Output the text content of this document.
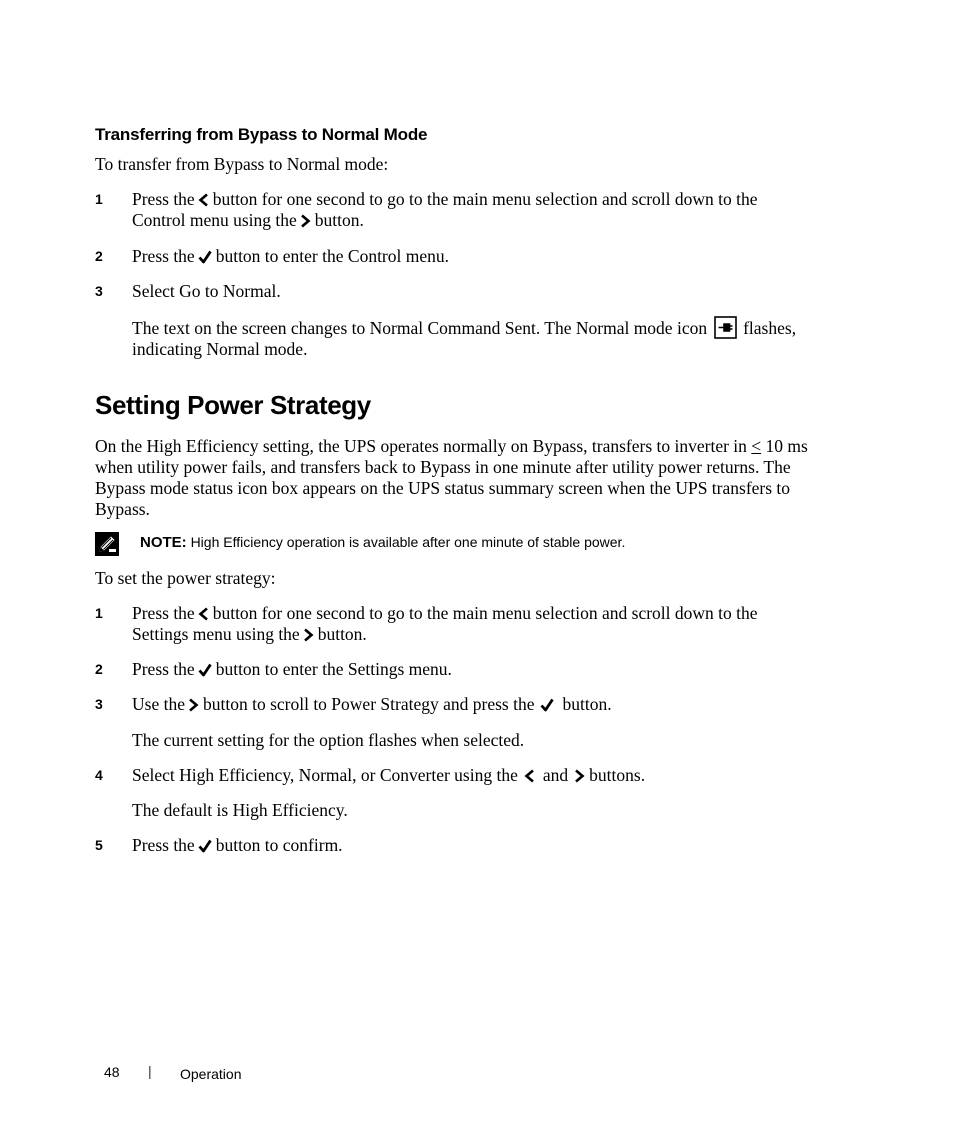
Transferring from Bypass to Normal Mode
To transfer from Bypass to Normal mode:
1 Press the button for one second to go to the main menu selection and scroll down to the
Control menu using the button.
2 Press the button to enter the Control menu.
3 Select Go to Normal.
The text on the screen changes to Normal Command Sent. The Normal mode icon flashes,
indicating Normal mode.
Setting Power Strategy
On the High Efficiency setting, the UPS operates normally on Bypass, transfers to inverter in < 10 ms
when utility power fails, and transfers back to Bypass in one minute after utility power returns. The
Bypass mode status icon box appears on the UPS status summary screen when the UPS transfers to
Bypass.
NOTE: High Efficiency operation is available after one minute of stable power.
To set the power strategy:
1 Press the button for one second to go to the main menu selection and scroll down to the
Settings menu using the button.
2 Press the button to enter the Settings menu.
3 Use the button to scroll to Power Strategy and press the button.
The current setting for the option flashes when selected.
4 Select High Efficiency, Normal, or Converter using the and buttons.
The default is High Efficiency.
5 Press the button to confirm.
48 | Operation
